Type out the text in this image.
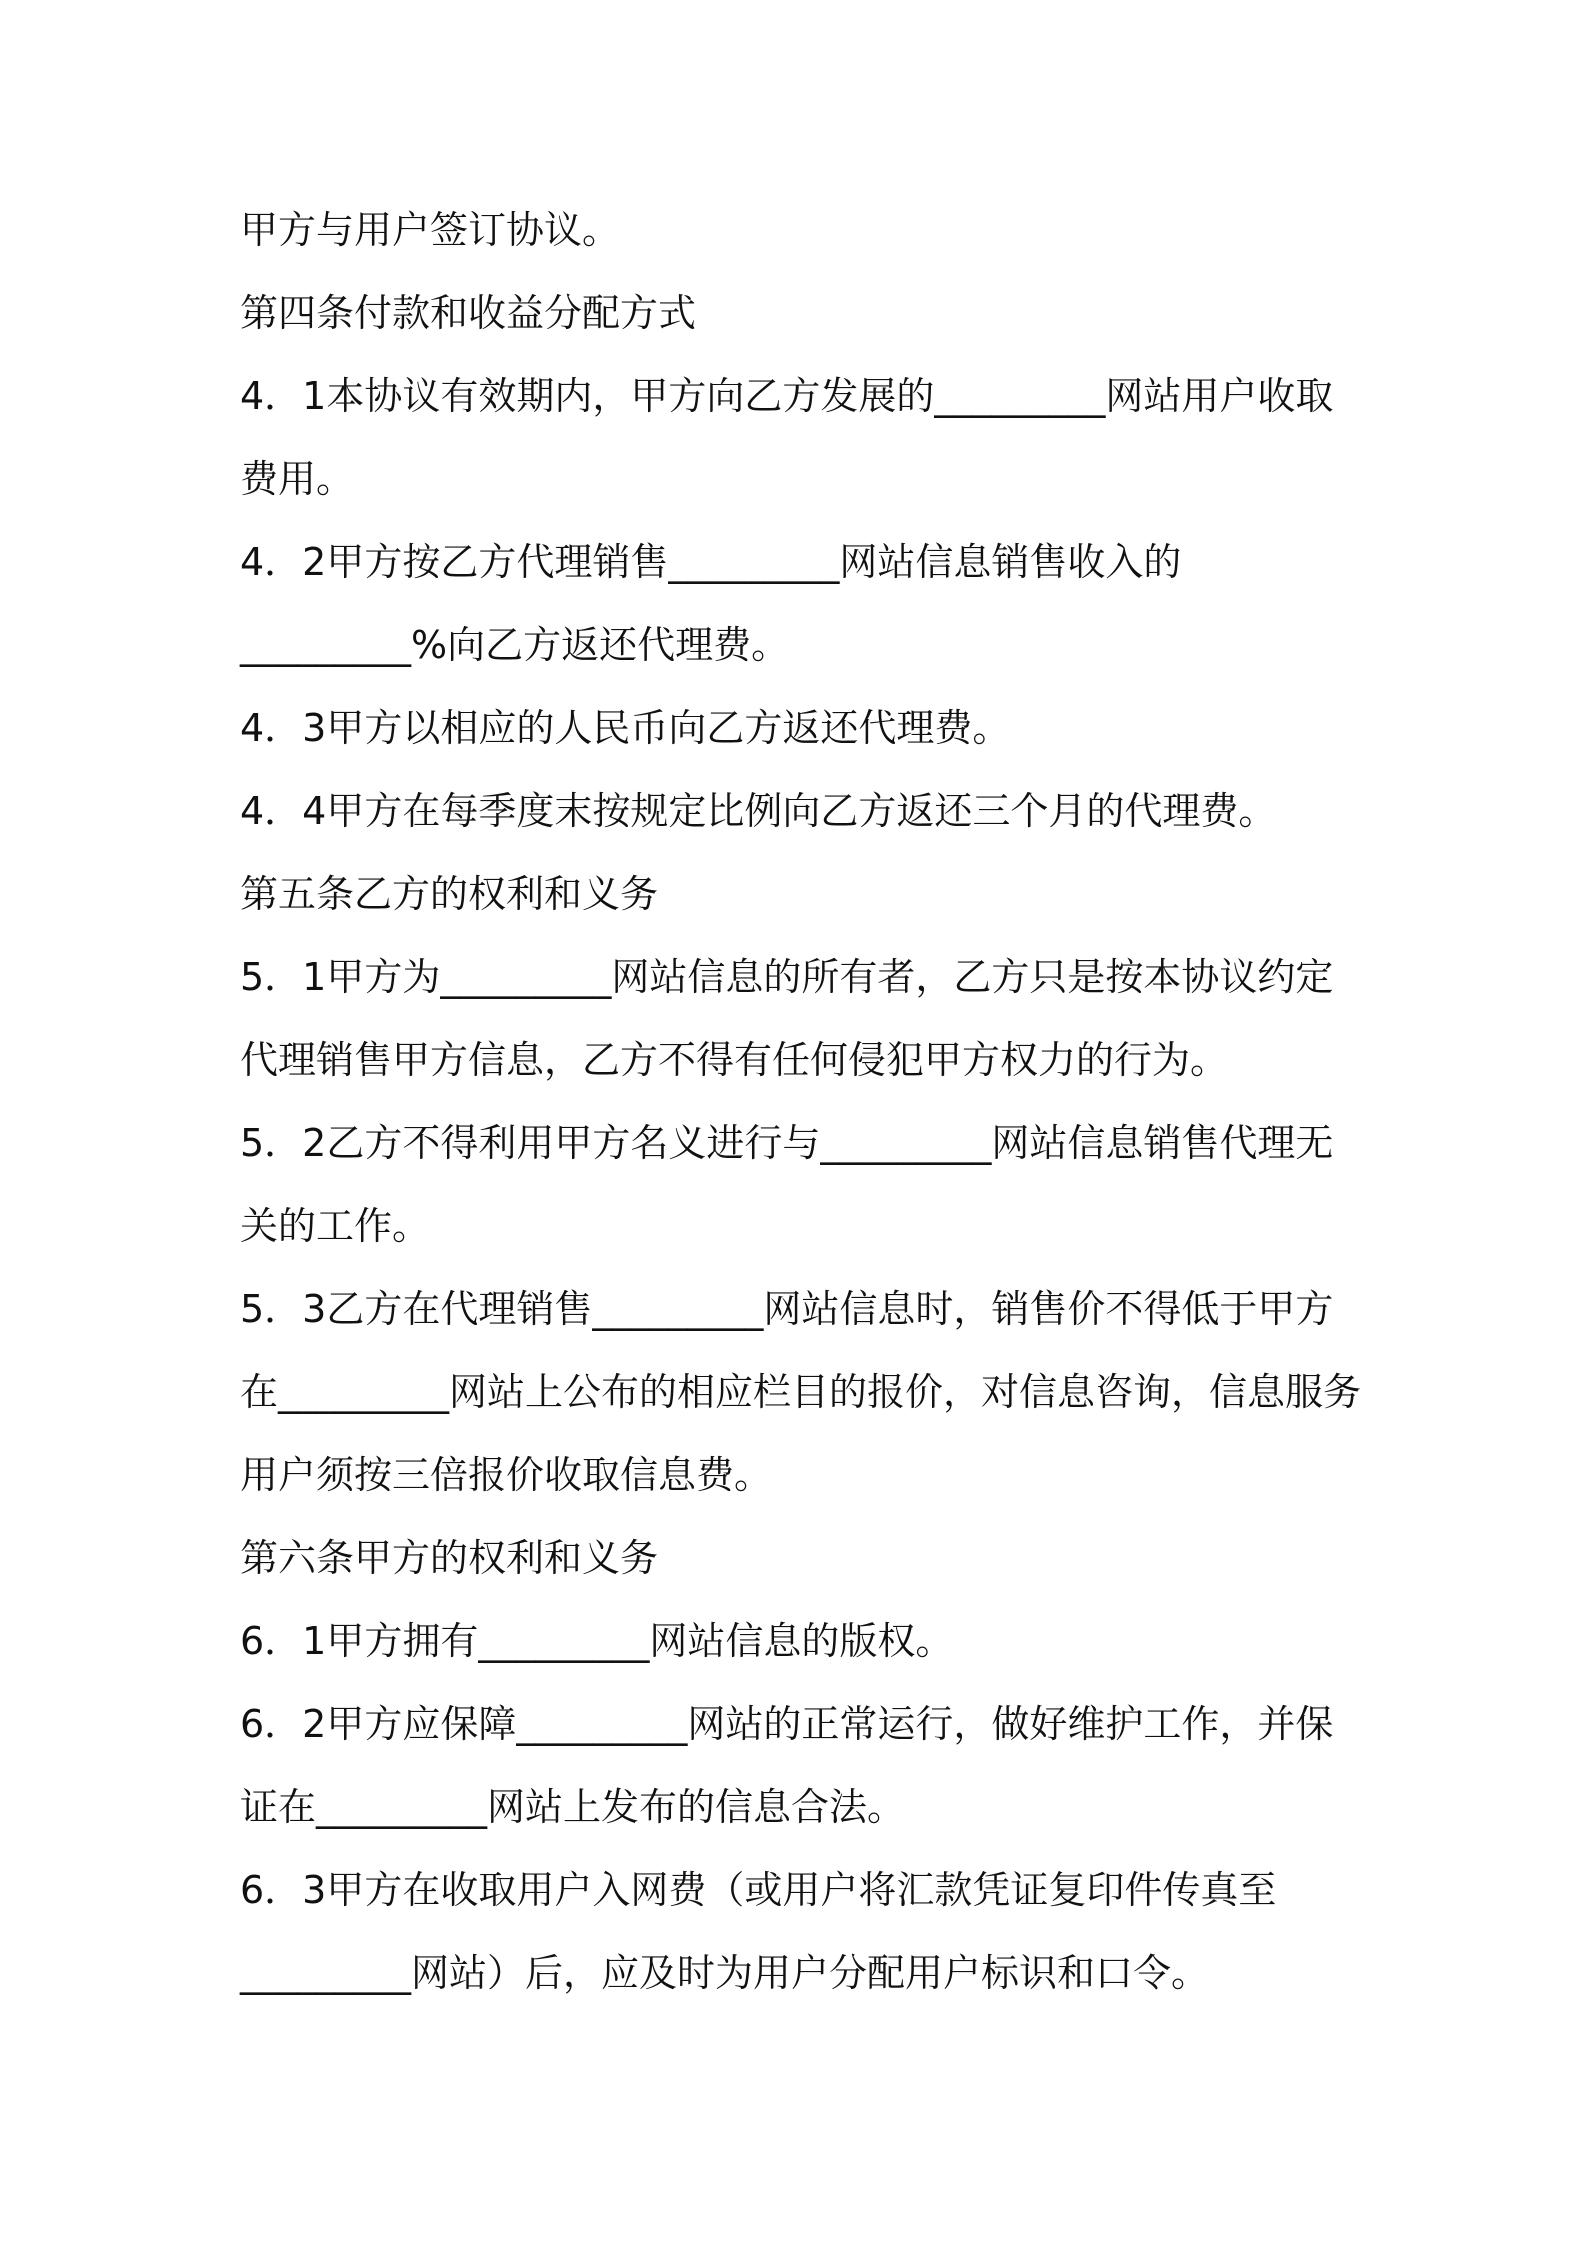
甲方与用户签订协议。

第四条付款和收益分配方式

4．1本协议有效期内，甲方向乙方发展的_________网站用户收取

费用。

4．2甲方按乙方代理销售_________网站信息销售收入的

_________%向乙方返还代理费。

4．3甲方以相应的人民币向乙方返还代理费。

4．4甲方在每季度末按规定比例向乙方返还三个月的代理费。

第五条乙方的权利和义务

5．1甲方为_________网站信息的所有者，乙方只是按本协议约定

代理销售甲方信息，乙方不得有任何侵犯甲方权力的行为。

5．2乙方不得利用甲方名义进行与_________网站信息销售代理无

关的工作。

5．3乙方在代理销售_________网站信息时，销售价不得低于甲方

在_________网站上公布的相应栏目的报价，对信息咨询，信息服务

用户须按三倍报价收取信息费。

第六条甲方的权利和义务

6．1甲方拥有_________网站信息的版权。

6．2甲方应保障_________网站的正常运行，做好维护工作，并保

证在_________网站上发布的信息合法。

6．3甲方在收取用户入网费（或用户将汇款凭证复印件传真至

_________网站）后，应及时为用户分配用户标识和口令。
